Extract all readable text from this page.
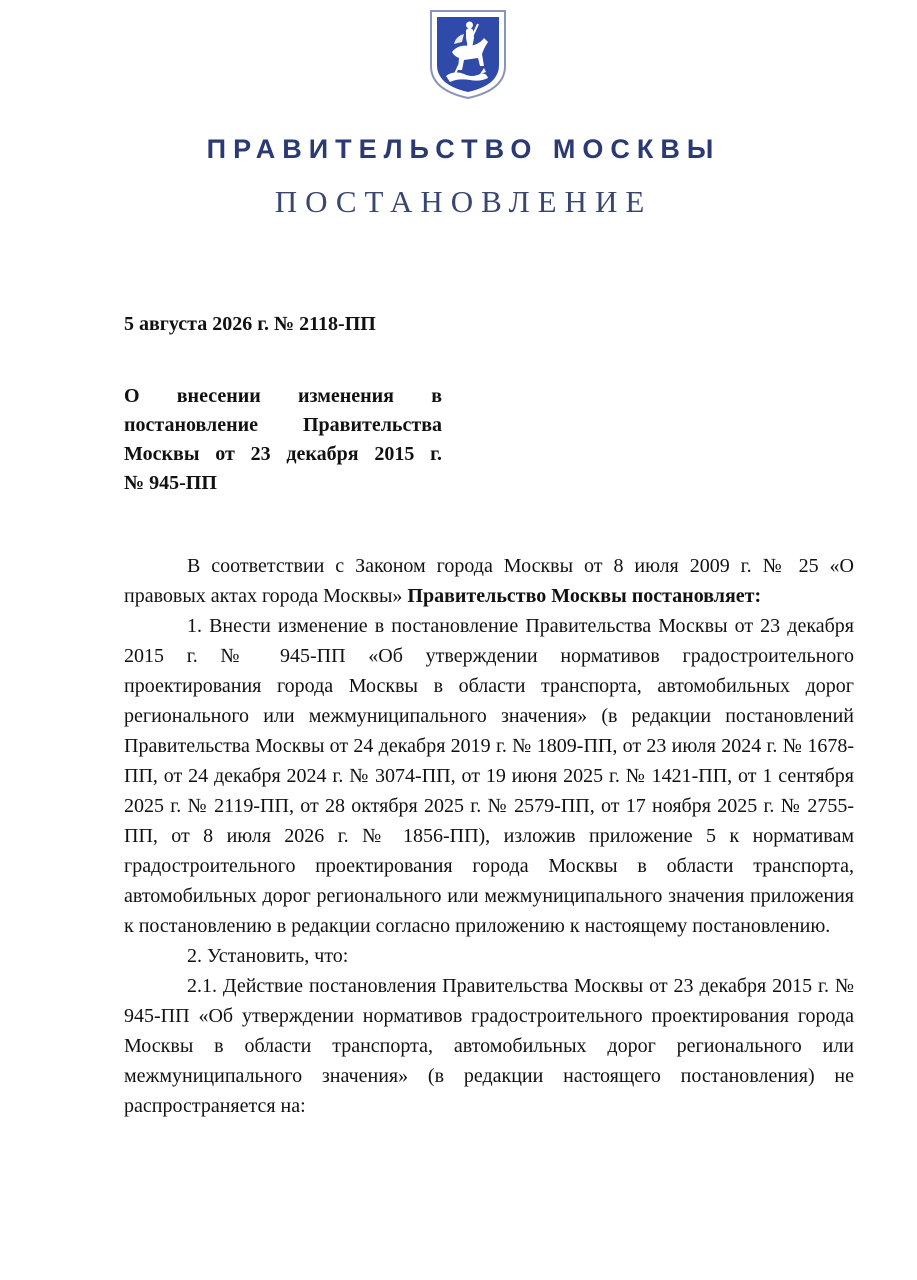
ПРАВИТЕЛЬСТВО МОСКВЫ
ПОСТАНОВЛЕНИЕ
5 августа 2026 г. № 2118-ПП
О внесении изменения в
постановление Правительства
Москвы от 23 декабря 2015 г.
№ 945-ПП

В соответствии с Законом города Москвы от 8 июля 2009 г. № 25 «О правовых актах города Москвы» Правительство Москвы постановляет:

1. Внести изменение в постановление Правительства Москвы от 23 декабря 2015 г. № 945-ПП «Об утверждении нормативов градостроительного проектирования города Москвы в области транспорта, автомобильных дорог регионального или межмуниципального значения» (в редакции постановлений Правительства Москвы от 24 декабря 2019 г. № 1809-ПП, от 23 июля 2024 г. № 1678-ПП, от 24 декабря 2024 г. № 3074-ПП, от 19 июня 2025 г. № 1421-ПП, от 1 сентября 2025 г. № 2119-ПП, от 28 октября 2025 г. № 2579-ПП, от 17 ноября 2025 г. № 2755-ПП, от 8 июля 2026 г. № 1856-ПП), изложив приложение 5 к нормативам градостроительного проектирования города Москвы в области транспорта, автомобильных дорог регионального или межмуниципального значения приложения к постановлению в редакции согласно приложению к настоящему постановлению.

2. Установить, что:

2.1. Действие постановления Правительства Москвы от 23 декабря 2015 г. № 945-ПП «Об утверждении нормативов градостроительного проектирования города Москвы в области транспорта, автомобильных дорог регионального или межмуниципального значения» (в редакции настоящего постановления) не распространяется на:
